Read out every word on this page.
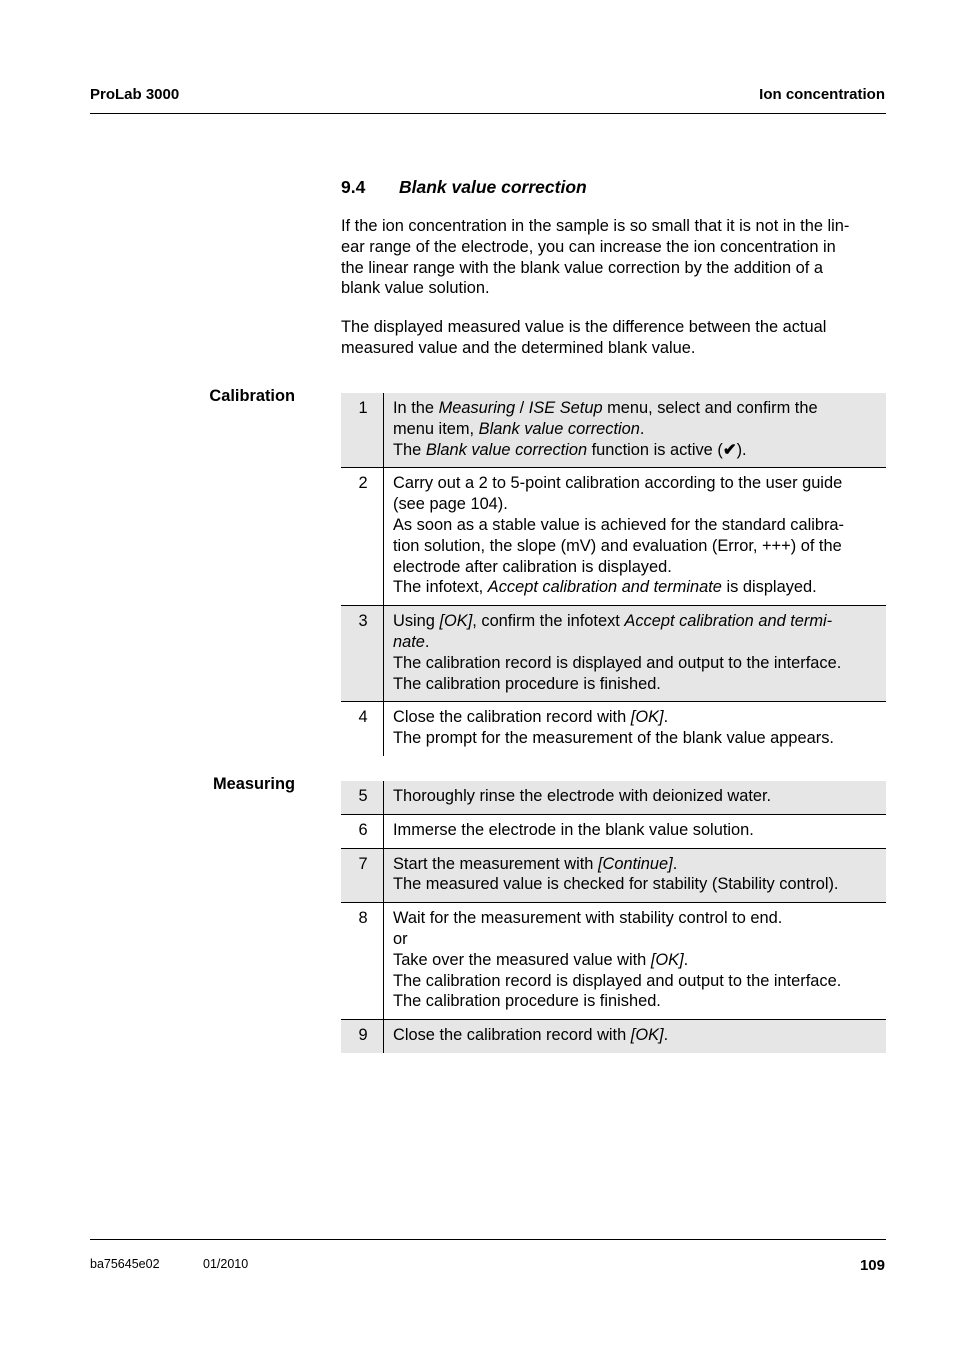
ProLab 3000	Ion concentration
9.4 Blank value correction

If the ion concentration in the sample is so small that it is not in the lin-
ear range of the electrode, you can increase the ion concentration in
the linear range with the blank value correction by the addition of a
blank value solution.

The displayed measured value is the difference between the actual
measured value and the determined blank value.

Calibration
1	In the Measuring / ISE Setup menu, select and confirm the
menu item, Blank value correction.
The Blank value correction function is active (✔).
2	Carry out a 2 to 5-point calibration according to the user guide
(see page 104).
As soon as a stable value is achieved for the standard calibra-
tion solution, the slope (mV) and evaluation (Error, +++) of the
electrode after calibration is displayed.
The infotext, Accept calibration and terminate is displayed.
3	Using [OK], confirm the infotext Accept calibration and termi-
nate.
The calibration record is displayed and output to the interface.
The calibration procedure is finished.
4	Close the calibration record with [OK].
The prompt for the measurement of the blank value appears.
Measuring
5	Thoroughly rinse the electrode with deionized water.
6	Immerse the electrode in the blank value solution.
7	Start the measurement with [Continue].
The measured value is checked for stability (Stability control).
8	Wait for the measurement with stability control to end.
or
Take over the measured value with [OK].
The calibration record is displayed and output to the interface.
The calibration procedure is finished.
9	Close the calibration record with [OK].
ba75645e02	01/2010	109
